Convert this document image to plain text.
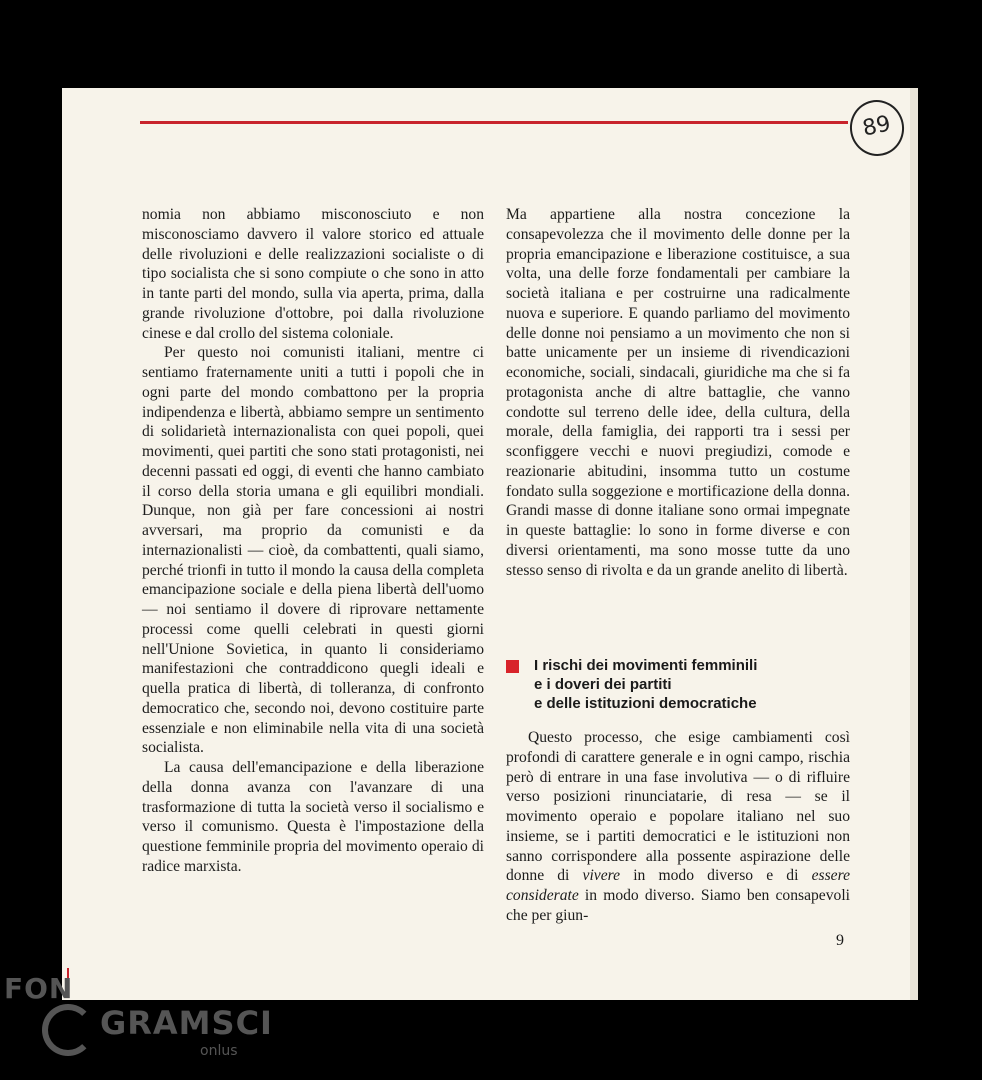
89

nomia non abbiamo misconosciuto e non misconosciamo davvero il valore storico ed attuale delle rivoluzioni e delle realizzazioni socialiste o di tipo socialista che si sono compiute o che sono in atto in tante parti del mondo, sulla via aperta, prima, dalla grande rivoluzione d'ottobre, poi dalla rivoluzione cinese e dal crollo del sistema coloniale.

Per questo noi comunisti italiani, mentre ci sentiamo fraternamente uniti a tutti i popoli che in ogni parte del mondo combattono per la propria indipendenza e libertà, abbiamo sempre un sentimento di solidarietà internazionalista con quei popoli, quei movimenti, quei partiti che sono stati protagonisti, nei decenni passati ed oggi, di eventi che hanno cambiato il corso della storia umana e gli equilibri mondiali. Dunque, non già per fare concessioni ai nostri avversari, ma proprio da comunisti e da internazionalisti — cioè, da combattenti, quali siamo, perché trionfi in tutto il mondo la causa della completa emancipazione sociale e della piena libertà dell'uomo — noi sentiamo il dovere di riprovare nettamente processi come quelli celebrati in questi giorni nell'Unione Sovietica, in quanto li consideriamo manifestazioni che contraddicono quegli ideali e quella pratica di libertà, di tolleranza, di confronto democratico che, secondo noi, devono costituire parte essenziale e non eliminabile nella vita di una società socialista.

La causa dell'emancipazione e della liberazione della donna avanza con l'avanzare di una trasformazione di tutta la società verso il socialismo e verso il comunismo. Questa è l'impostazione della questione femminile propria del movimento operaio di radice marxista.

Ma appartiene alla nostra concezione la consapevolezza che il movimento delle donne per la propria emancipazione e liberazione costituisce, a sua volta, una delle forze fondamentali per cambiare la società italiana e per costruirne una radicalmente nuova e superiore. E quando parliamo del movimento delle donne noi pensiamo a un movimento che non si batte unicamente per un insieme di rivendicazioni economiche, sociali, sindacali, giuridiche ma che si fa protagonista anche di altre battaglie, che vanno condotte sul terreno delle idee, della cultura, della morale, della famiglia, dei rapporti tra i sessi per sconfiggere vecchi e nuovi pregiudizi, comode e reazionarie abitudini, insomma tutto un costume fondato sulla soggezione e mortificazione della donna. Grandi masse di donne italiane sono ormai impegnate in queste battaglie: lo sono in forme diverse e con diversi orientamenti, ma sono mosse tutte da uno stesso senso di rivolta e da un grande anelito di libertà.

I rischi dei movimenti femminili
e i doveri dei partiti
e delle istituzioni democratiche

Questo processo, che esige cambiamenti così profondi di carattere generale e in ogni campo, rischia però di entrare in una fase involutiva — o di rifluire verso posizioni rinunciatarie, di resa — se il movimento operaio e popolare italiano nel suo insieme, se i partiti democratici e le istituzioni non sanno corrispondere alla possente aspirazione delle donne di vivere in modo diverso e di essere considerate in modo diverso. Siamo ben consapevoli che per giun-

9
FON
GRAMSCI
onlus
